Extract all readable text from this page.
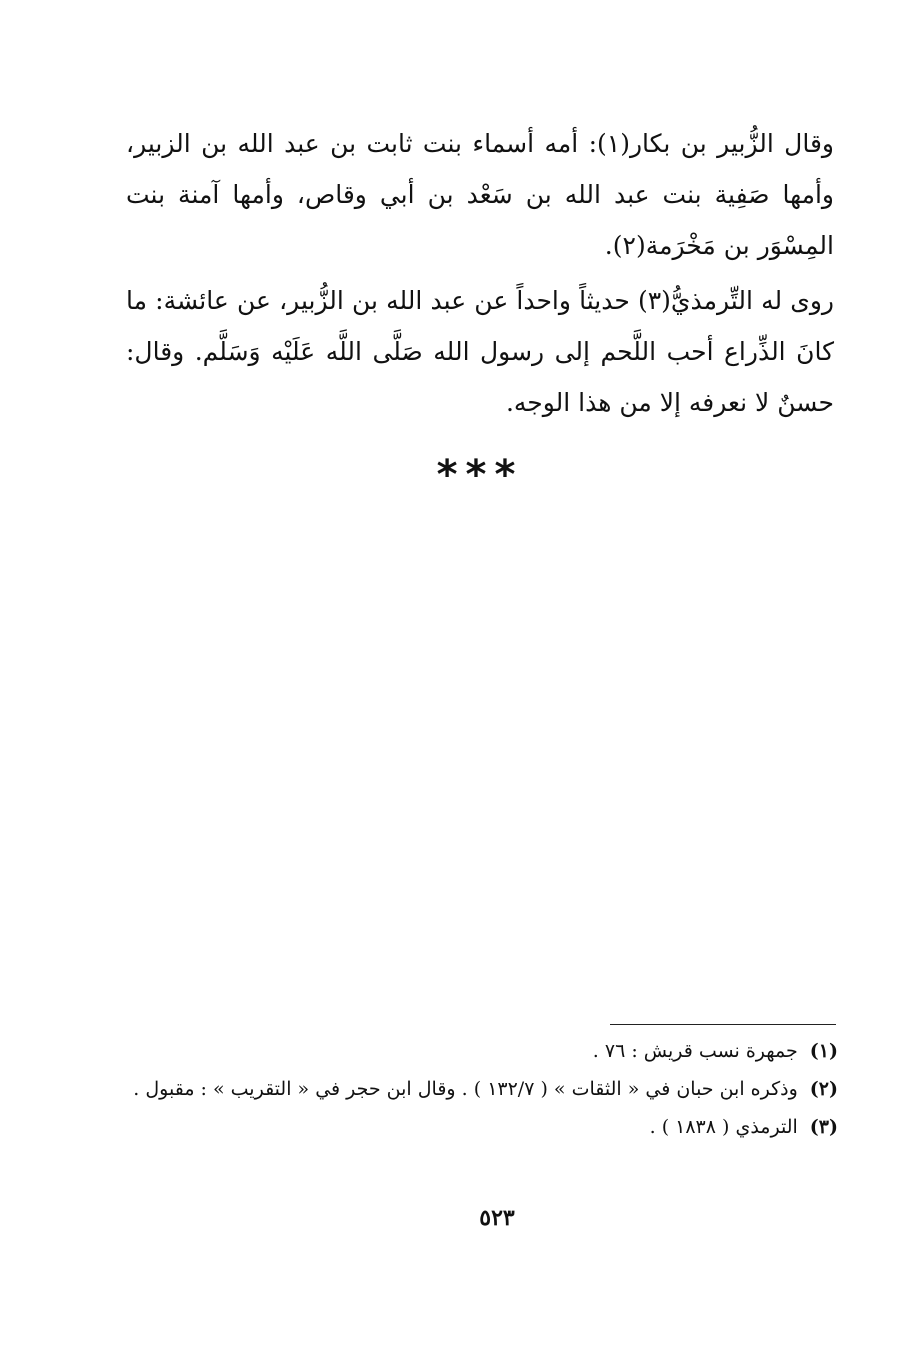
وقال الزُّبير بن بكار(١): أمه أسماء بنت ثابت بن عبد الله بن الزبير، وأمها صَفِية بنت عبد الله بن سَعْد بن أبي وقاص، وأمها آمنة بنت المِسْوَر بن مَخْرَمة(٢).

روى له التِّرمذيُّ(٣) حديثاً واحداً عن عبد الله بن الزُّبير، عن عائشة: ما كانَ الذِّراع أحب اللَّحم إلى رسول الله صَلَّى اللَّه عَلَيْه وَسَلَّم. وقال: حسنٌ لا نعرفه إلا من هذا الوجه.

***
(١)
جمهرة نسب قريش : ٧٦ .
(٢)
وذكره ابن حبان في « الثقات » ( ١٣٢/٧ ) . وقال ابن حجر في « التقريب » : مقبول .
(٣)
الترمذي ( ١٨٣٨ ) .
٥٢٣
